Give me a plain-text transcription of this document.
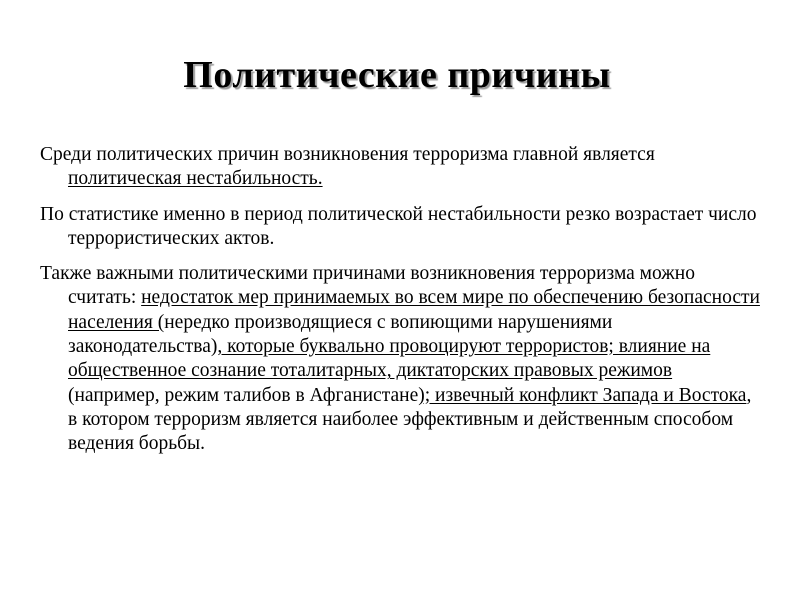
Политические причины

Среди политических причин возникновения терроризма главной является политическая нестабильность.

По статистике именно в период политической нестабильности резко возрастает число террористических актов.

Также важными политическими причинами возникновения терроризма можно считать: недостаток мер принимаемых во всем мире по обеспечению безопасности населения (нередко производящиеся с вопиющими нарушениями законодательства), которые буквально провоцируют террористов; влияние на общественное сознание тоталитарных, диктаторских правовых режимов (например, режим талибов в Афганистане); извечный конфликт Запада и Востока, в котором терроризм является наиболее эффективным и действенным способом ведения борьбы.
